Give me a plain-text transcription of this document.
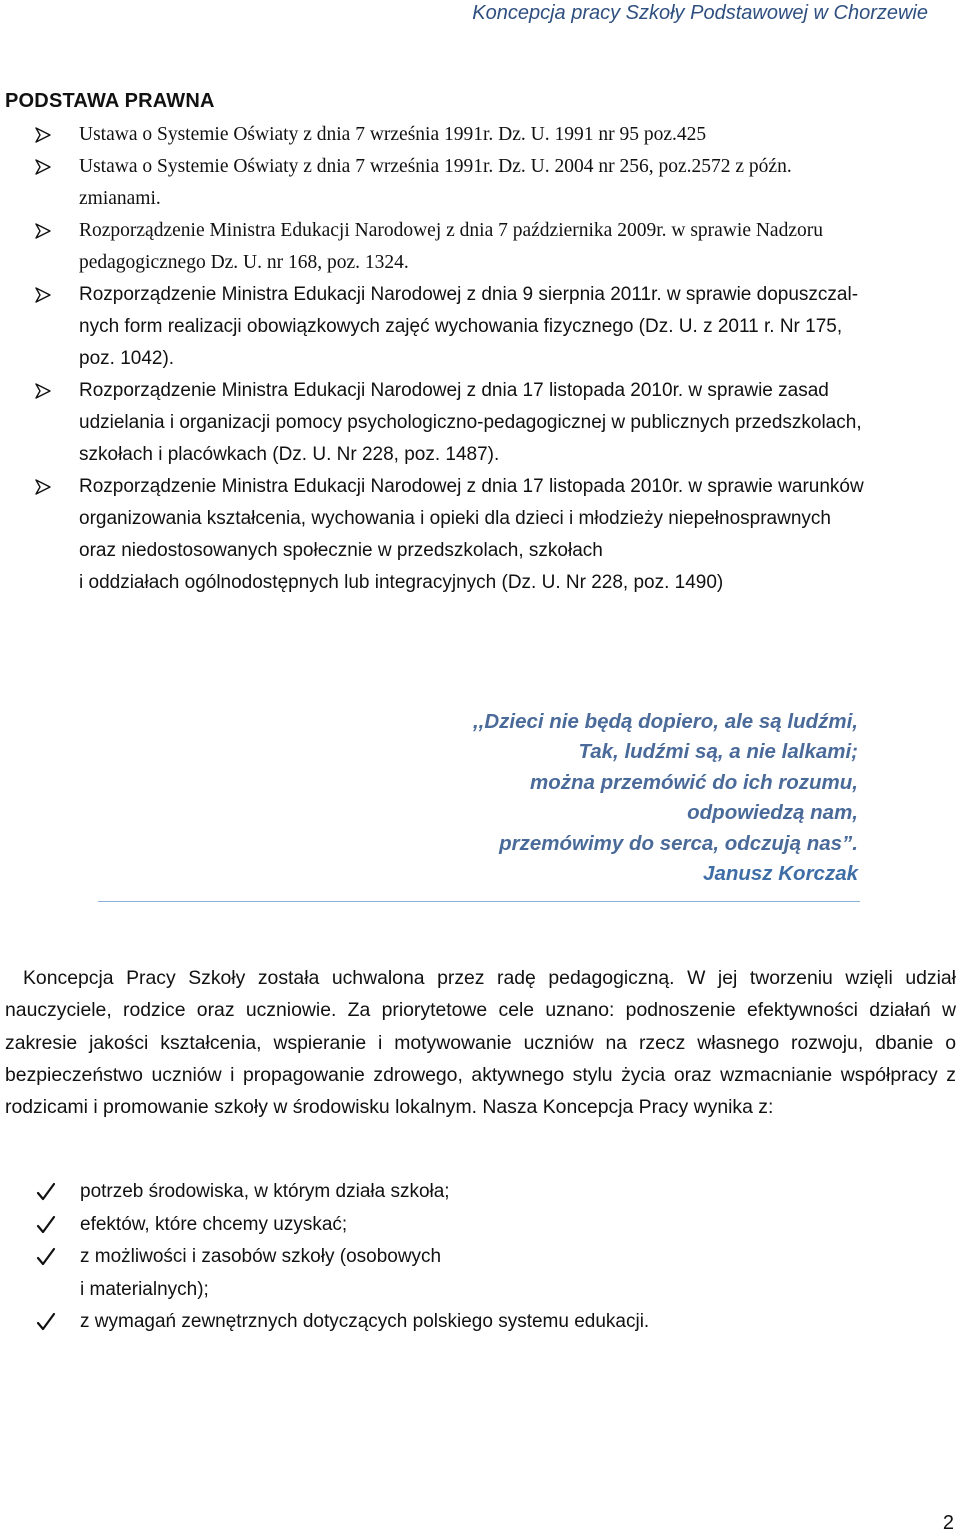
Koncepcja pracy Szkoły Podstawowej w Chorzewie
PODSTAWA PRAWNA

Ustawa o Systemie Oświaty z dnia 7 września 1991r. Dz. U. 1991 nr 95 poz.425

Ustawa o Systemie Oświaty z dnia 7 września 1991r. Dz. U. 2004 nr 256, poz.2572 z późn.

zmianami.

Rozporządzenie Ministra Edukacji Narodowej z dnia 7 października 2009r. w sprawie Nadzoru

pedagogicznego Dz. U. nr 168, poz. 1324.

Rozporządzenie Ministra Edukacji Narodowej z dnia 9 sierpnia 2011r. w sprawie dopuszczal-

nych form realizacji obowiązkowych zajęć wychowania fizycznego (Dz. U. z 2011 r. Nr 175,

poz. 1042).

Rozporządzenie Ministra Edukacji Narodowej z dnia 17 listopada 2010r. w sprawie zasad

udzielania i organizacji pomocy psychologiczno-pedagogicznej w publicznych przedszkolach,

szkołach i placówkach (Dz. U. Nr 228, poz. 1487).

Rozporządzenie Ministra Edukacji Narodowej z dnia 17 listopada 2010r. w sprawie warunków

organizowania kształcenia, wychowania i opieki dla dzieci i młodzieży niepełnosprawnych

oraz niedostosowanych społecznie w przedszkolach, szkołach

i oddziałach ogólnodostępnych lub integracyjnych (Dz. U. Nr 228, poz. 1490)

,,Dzieci nie będą dopiero, ale są ludźmi,
Tak, ludźmi są, a nie lalkami;
można przemówić do ich rozumu,
odpowiedzą nam,
przemówimy do serca, odczują nas”.
Janusz Korczak

Koncepcja Pracy Szkoły została uchwalona przez radę pedagogiczną. W jej tworzeniu wzięli udział nauczyciele, rodzice oraz uczniowie. Za priorytetowe cele uznano: podnoszenie efektywności działań w zakresie jakości kształcenia, wspieranie i motywowanie uczniów na rzecz własnego rozwoju, dbanie o bezpieczeństwo uczniów i propagowanie zdrowego, aktywnego stylu życia oraz wzmacnianie współpracy z rodzicami i promowanie szkoły w środowisku lokalnym. Nasza Koncepcja Pracy wynika z:

potrzeb środowiska, w którym działa szkoła;

efektów, które chcemy uzyskać;

z możliwości i zasobów szkoły (osobowych

i materialnych);

z wymagań zewnętrznych dotyczących polskiego systemu edukacji.

2
